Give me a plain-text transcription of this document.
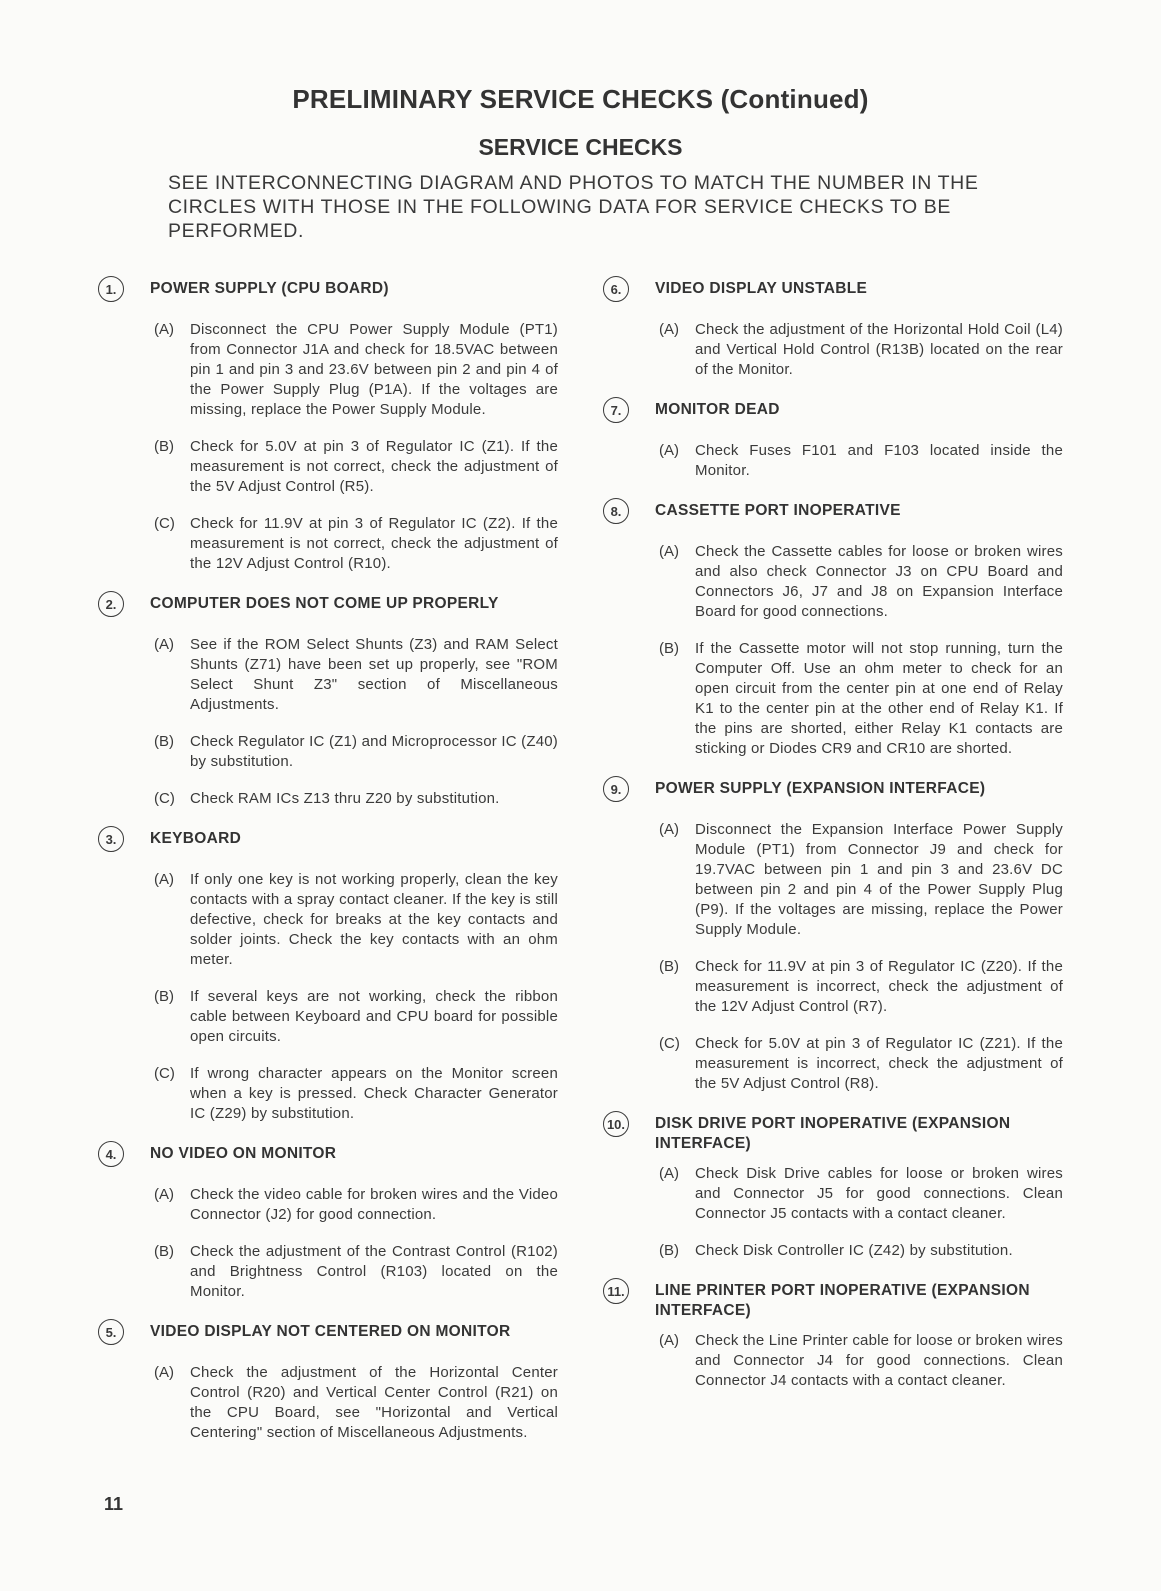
PRELIMINARY SERVICE CHECKS (Continued)
SERVICE CHECKS
SEE INTERCONNECTING DIAGRAM AND PHOTOS TO MATCH THE NUMBER IN THE CIRCLES WITH THOSE IN THE FOLLOWING DATA FOR SERVICE CHECKS TO BE PERFORMED.
1.	POWER SUPPLY (CPU BOARD)
(A)	Disconnect the CPU Power Supply Module (PT1) from Connector J1A and check for 18.5VAC between pin 1 and pin 3 and 23.6V between pin 2 and pin 4 of the Power Supply Plug (P1A). If the voltages are missing, replace the Power Supply Module.
(B)	Check for 5.0V at pin 3 of Regulator IC (Z1). If the measurement is not correct, check the adjustment of the 5V Adjust Control (R5).
(C)	Check for 11.9V at pin 3 of Regulator IC (Z2). If the measurement is not correct, check the adjustment of the 12V Adjust Control (R10).
2.	COMPUTER DOES NOT COME UP PROPERLY
(A)	See if the ROM Select Shunts (Z3) and RAM Select Shunts (Z71) have been set up properly, see "ROM Select Shunt Z3" section of Miscellaneous Adjustments.
(B)	Check Regulator IC (Z1) and Microprocessor IC (Z40) by substitution.
(C)	Check RAM ICs Z13 thru Z20 by substitution.
3.	KEYBOARD
(A)	If only one key is not working properly, clean the key contacts with a spray contact cleaner. If the key is still defective, check for breaks at the key contacts and solder joints. Check the key contacts with an ohm meter.
(B)	If several keys are not working, check the ribbon cable between Keyboard and CPU board for possible open circuits.
(C)	If wrong character appears on the Monitor screen when a key is pressed. Check Character Generator IC (Z29) by substitution.
4.	NO VIDEO ON MONITOR
(A)	Check the video cable for broken wires and the Video Connector (J2) for good connection.
(B)	Check the adjustment of the Contrast Control (R102) and Brightness Control (R103) located on the Monitor.
5.	VIDEO DISPLAY NOT CENTERED ON MONITOR
(A)	Check the adjustment of the Horizontal Center Control (R20) and Vertical Center Control (R21) on the CPU Board, see "Horizontal and Vertical Centering" section of Miscellaneous Adjustments.
6.	VIDEO DISPLAY UNSTABLE
(A)	Check the adjustment of the Horizontal Hold Coil (L4) and Vertical Hold Control (R13B) located on the rear of the Monitor.
7.	MONITOR DEAD
(A)	Check Fuses F101 and F103 located inside the Monitor.
8.	CASSETTE PORT INOPERATIVE
(A)	Check the Cassette cables for loose or broken wires and also check Connector J3 on CPU Board and Connectors J6, J7 and J8 on Expansion Interface Board for good connections.
(B)	If the Cassette motor will not stop running, turn the Computer Off. Use an ohm meter to check for an open circuit from the center pin at one end of Relay K1 to the center pin at the other end of Relay K1. If the pins are shorted, either Relay K1 contacts are sticking or Diodes CR9 and CR10 are shorted.
9.	POWER SUPPLY (EXPANSION INTERFACE)
(A)	Disconnect the Expansion Interface Power Supply Module (PT1) from Connector J9 and check for 19.7VAC between pin 1 and pin 3 and 23.6V DC between pin 2 and pin 4 of the Power Supply Plug (P9). If the voltages are missing, replace the Power Supply Module.
(B)	Check for 11.9V at pin 3 of Regulator IC (Z20). If the measurement is incorrect, check the adjustment of the 12V Adjust Control (R7).
(C)	Check for 5.0V at pin 3 of Regulator IC (Z21). If the measurement is incorrect, check the adjustment of the 5V Adjust Control (R8).
10. DISK DRIVE PORT INOPERATIVE (EXPANSION INTERFACE)
(A)	Check Disk Drive cables for loose or broken wires and Connector J5 for good connections. Clean Connector J5 contacts with a contact cleaner.
(B)	Check Disk Controller IC (Z42) by substitution.
11. LINE PRINTER PORT INOPERATIVE (EXPANSION INTERFACE)
(A)	Check the Line Printer cable for loose or broken wires and Connector J4 for good connections. Clean Connector J4 contacts with a contact cleaner.
11
